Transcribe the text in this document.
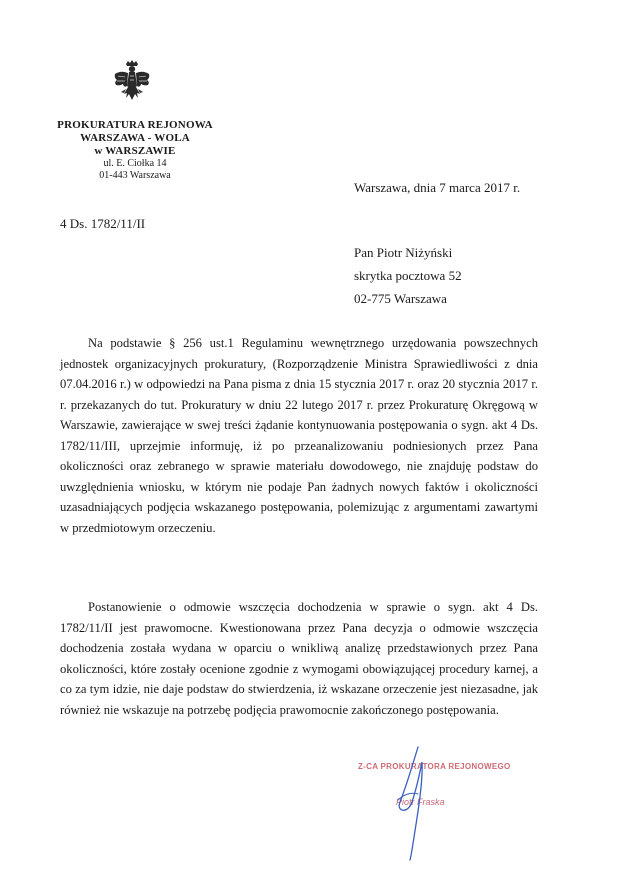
PROKURATURA REJONOWA
WARSZAWA - WOLA
w WARSZAWIE
ul. E. Ciołka 14
01-443 Warszawa
Warszawa, dnia 7 marca 2017 r.
4 Ds. 1782/11/II
Pan Piotr Niżyński
skrytka pocztowa 52
02-775 Warszawa

Na podstawie § 256 ust.1 Regulaminu wewnętrznego urzędowania powszechnych jednostek organizacyjnych prokuratury, (Rozporządzenie Ministra Sprawiedliwości z dnia 07.04.2016 r.) w odpowiedzi na Pana pisma z dnia 15 stycznia 2017 r. oraz 20 stycznia 2017 r. r. przekazanych do tut. Prokuratury w dniu 22 lutego 2017 r. przez Prokuraturę Okręgową w Warszawie, zawierające w swej treści żądanie kontynuowania postępowania o sygn. akt 4 Ds. 1782/11/III, uprzejmie informuję, iż po przeanalizowaniu podniesionych przez Pana okoliczności oraz zebranego w sprawie materiału dowodowego, nie znajduję podstaw do uwzględnienia wniosku, w którym nie podaje Pan żadnych nowych faktów i okoliczności uzasadniających podjęcia wskazanego postępowania, polemizując z argumentami zawartymi w przedmiotowym orzeczeniu.

Postanowienie o odmowie wszczęcia dochodzenia w sprawie o sygn. akt 4 Ds. 1782/11/II jest prawomocne. Kwestionowana przez Pana decyzja o odmowie wszczęcia dochodzenia została wydana w oparciu o wnikliwą analizę przedstawionych przez Pana okoliczności, które zostały ocenione zgodnie z wymogami obowiązującej procedury karnej, a co za tym idzie, nie daje podstaw do stwierdzenia, iż wskazane orzeczenie jest niezasadne, jak również nie wskazuje na potrzebę podjęcia prawomocnie zakończonego postępowania.

Z-CA PROKURATORA REJONOWEGO
Piotr Fraska
